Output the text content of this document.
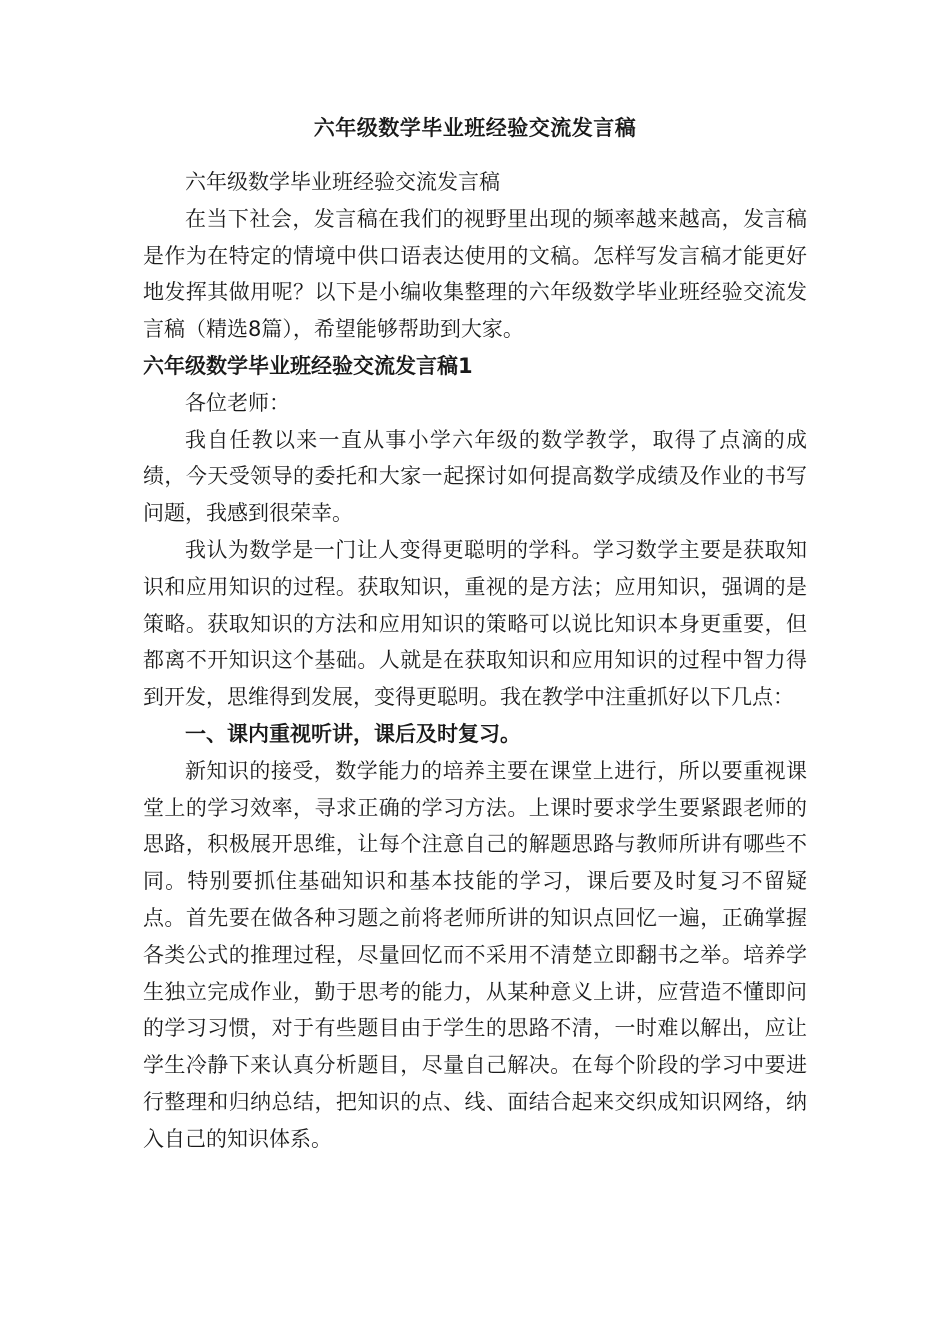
六年级数学毕业班经验交流发言稿

六年级数学毕业班经验交流发言稿

在当下社会，发言稿在我们的视野里出现的频率越来越高，发言稿是作为在特定的情境中供口语表达使用的文稿。怎样写发言稿才能更好地发挥其做用呢？以下是小编收集整理的六年级数学毕业班经验交流发言稿（精选8篇），希望能够帮助到大家。

六年级数学毕业班经验交流发言稿1

各位老师：

我自任教以来一直从事小学六年级的数学教学，取得了点滴的成绩，今天受领导的委托和大家一起探讨如何提高数学成绩及作业的书写问题，我感到很荣幸。

我认为数学是一门让人变得更聪明的学科。学习数学主要是获取知识和应用知识的过程。获取知识，重视的是方法；应用知识，强调的是策略。获取知识的方法和应用知识的策略可以说比知识本身更重要，但都离不开知识这个基础。人就是在获取知识和应用知识的过程中智力得到开发，思维得到发展，变得更聪明。我在教学中注重抓好以下几点：

一、课内重视听讲，课后及时复习。

新知识的接受，数学能力的培养主要在课堂上进行，所以要重视课堂上的学习效率，寻求正确的学习方法。上课时要求学生要紧跟老师的思路，积极展开思维，让每个注意自己的解题思路与教师所讲有哪些不同。特别要抓住基础知识和基本技能的学习，课后要及时复习不留疑点。首先要在做各种习题之前将老师所讲的知识点回忆一遍，正确掌握各类公式的推理过程，尽量回忆而不采用不清楚立即翻书之举。培养学生独立完成作业，勤于思考的能力，从某种意义上讲，应营造不懂即问的学习习惯，对于有些题目由于学生的思路不清，一时难以解出，应让学生冷静下来认真分析题目，尽量自己解决。在每个阶段的学习中要进行整理和归纳总结，把知识的点、线、面结合起来交织成知识网络，纳入自己的知识体系。
